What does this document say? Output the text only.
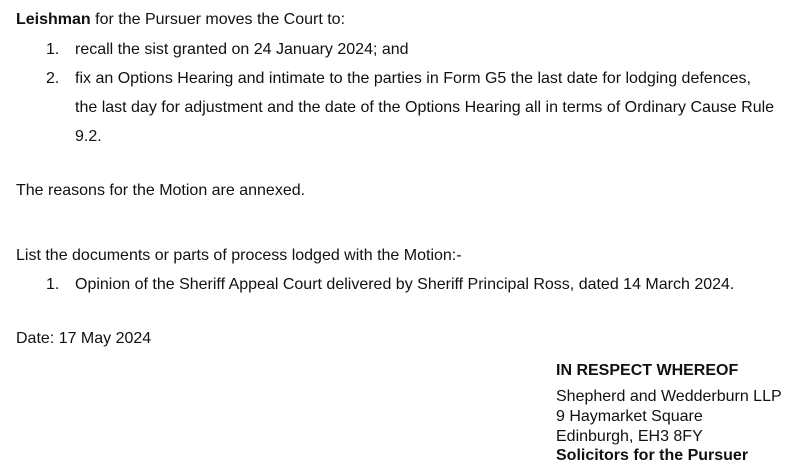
Leishman for the Pursuer moves the Court to:
1. recall the sist granted on 24 January 2024; and
2. fix an Options Hearing and intimate to the parties in Form G5 the last date for lodging defences,
the last day for adjustment and the date of the Options Hearing all in terms of Ordinary Cause Rule
9.2.
The reasons for the Motion are annexed.
List the documents or parts of process lodged with the Motion:-
1. Opinion of the Sheriff Appeal Court delivered by Sheriff Principal Ross, dated 14 March 2024.
Date: 17 May 2024
IN RESPECT WHEREOF
Shepherd and Wedderburn LLP
9 Haymarket Square
Edinburgh, EH3 8FY
Solicitors for the Pursuer
